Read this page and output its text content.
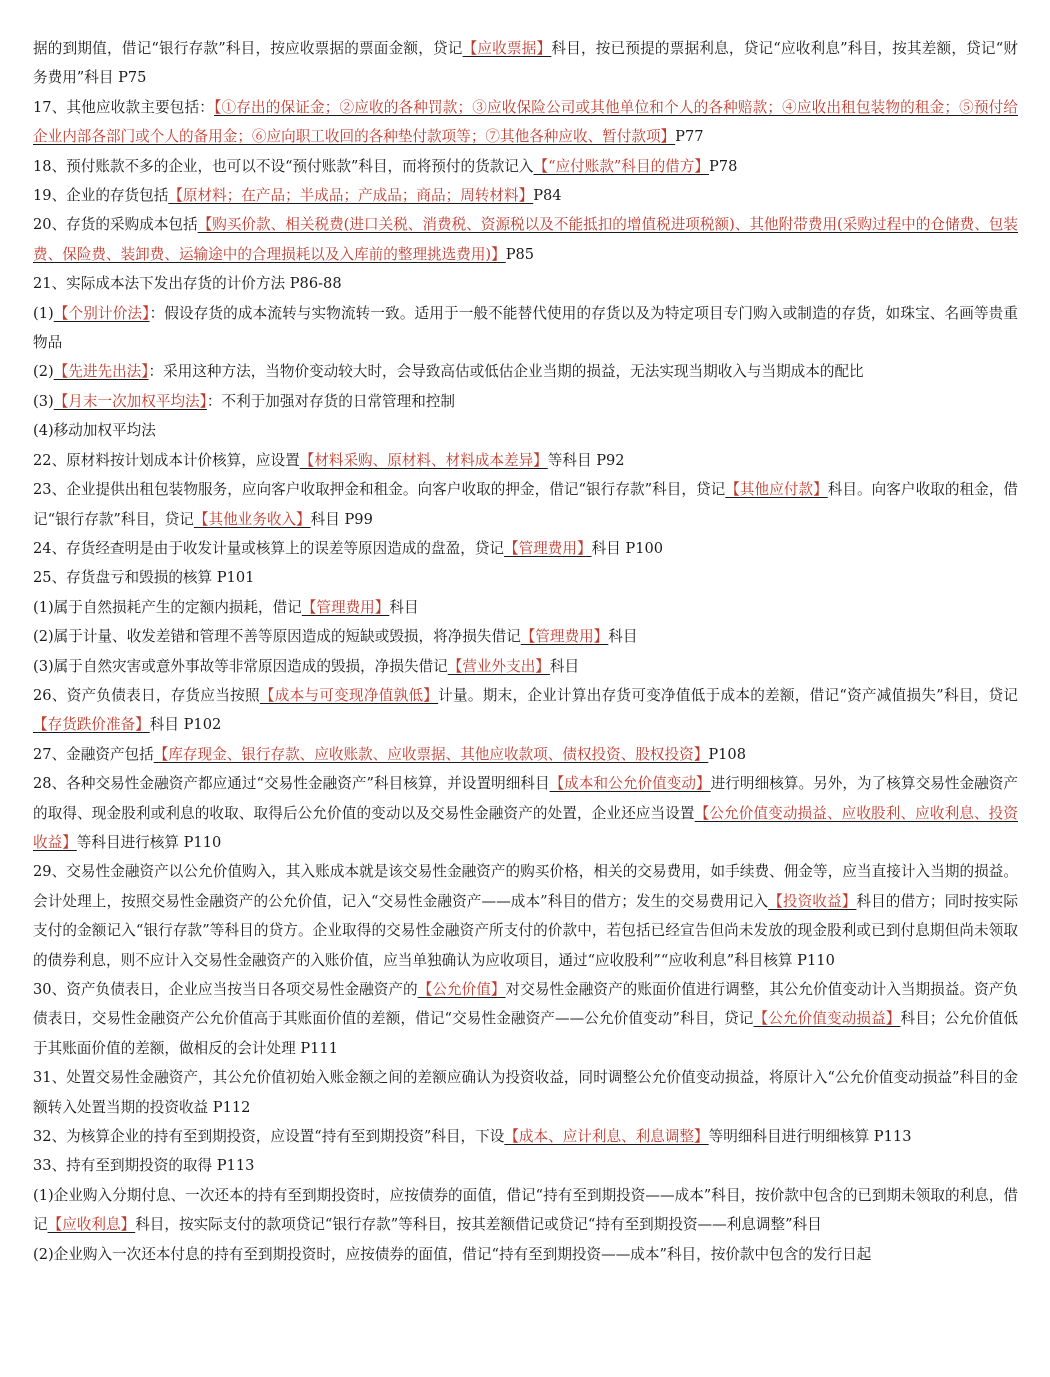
据的到期值，借记“银行存款”科目，按应收票据的票面金额，贷记【应收票据】科目，按已预提的票据利息，贷记“应收利息”科目，按其差额，贷记“财务费用”科目 P75

17、其他应收款主要包括：【①存出的保证金；②应收的各种罚款；③应收保险公司或其他单位和个人的各种赔款；④应收出租包装物的租金；⑤预付给企业内部各部门或个人的备用金；⑥应向职工收回的各种垫付款项等；⑦其他各种应收、暂付款项】P77

18、预付账款不多的企业，也可以不设“预付账款”科目，而将预付的货款记入【“应付账款”科目的借方】P78

19、企业的存货包括【原材料；在产品；半成品；产成品；商品；周转材料】P84

20、存货的采购成本包括【购买价款、相关税费(进口关税、消费税、资源税以及不能抵扣的增值税进项税额)、其他附带费用(采购过程中的仓储费、包装费、保险费、装卸费、运输途中的合理损耗以及入库前的整理挑选费用)】P85

21、实际成本法下发出存货的计价方法 P86-88

(1)【个别计价法】：假设存货的成本流转与实物流转一致。适用于一般不能替代使用的存货以及为特定项目专门购入或制造的存货，如珠宝、名画等贵重物品

(2)【先进先出法】：采用这种方法，当物价变动较大时，会导致高估或低估企业当期的损益，无法实现当期收入与当期成本的配比

(3)【月末一次加权平均法】：不利于加强对存货的日常管理和控制

(4)移动加权平均法

22、原材料按计划成本计价核算，应设置【材料采购、原材料、材料成本差异】等科目 P92

23、企业提供出租包装物服务，应向客户收取押金和租金。向客户收取的押金，借记“银行存款”科目，贷记【其他应付款】科目。向客户收取的租金，借记“银行存款”科目，贷记【其他业务收入】科目 P99

24、存货经查明是由于收发计量或核算上的误差等原因造成的盘盈，贷记【管理费用】科目 P100

25、存货盘亏和毁损的核算 P101

(1)属于自然损耗产生的定额内损耗，借记【管理费用】科目

(2)属于计量、收发差错和管理不善等原因造成的短缺或毁损，将净损失借记【管理费用】科目

(3)属于自然灾害或意外事故等非常原因造成的毁损，净损失借记【营业外支出】科目

26、资产负债表日，存货应当按照【成本与可变现净值孰低】计量。期末，企业计算出存货可变净值低于成本的差额，借记“资产减值损失”科目，贷记【存货跌价准备】科目 P102

27、金融资产包括【库存现金、银行存款、应收账款、应收票据、其他应收款项、债权投资、股权投资】P108

28、各种交易性金融资产都应通过“交易性金融资产”科目核算，并设置明细科目【成本和公允价值变动】进行明细核算。另外，为了核算交易性金融资产的取得、现金股利或利息的收取、取得后公允价值的变动以及交易性金融资产的处置，企业还应当设置【公允价值变动损益、应收股利、应收利息、投资收益】等科目进行核算 P110

29、交易性金融资产以公允价值购入，其入账成本就是该交易性金融资产的购买价格，相关的交易费用，如手续费、佣金等，应当直接计入当期的损益。会计处理上，按照交易性金融资产的公允价值，记入“交易性金融资产——成本”科目的借方；发生的交易费用记入【投资收益】科目的借方；同时按实际支付的金额记入“银行存款”等科目的贷方。企业取得的交易性金融资产所支付的价款中，若包括已经宣告但尚未发放的现金股利或已到付息期但尚未领取的债券利息，则不应计入交易性金融资产的入账价值，应当单独确认为应收项目，通过“应收股利”“应收利息”科目核算 P110

30、资产负债表日，企业应当按当日各项交易性金融资产的【公允价值】对交易性金融资产的账面价值进行调整，其公允价值变动计入当期损益。资产负债表日，交易性金融资产公允价值高于其账面价值的差额，借记“交易性金融资产——公允价值变动”科目，贷记【公允价值变动损益】科目；公允价值低于其账面价值的差额，做相反的会计处理 P111

31、处置交易性金融资产，其公允价值初始入账金额之间的差额应确认为投资收益，同时调整公允价值变动损益，将原计入“公允价值变动损益”科目的金额转入处置当期的投资收益 P112

32、为核算企业的持有至到期投资，应设置“持有至到期投资”科目，下设【成本、应计利息、利息调整】等明细科目进行明细核算 P113

33、持有至到期投资的取得 P113

(1)企业购入分期付息、一次还本的持有至到期投资时，应按债券的面值，借记“持有至到期投资——成本”科目，按价款中包含的已到期未领取的利息，借记【应收利息】科目，按实际支付的款项贷记“银行存款”等科目，按其差额借记或贷记“持有至到期投资——利息调整”科目

(2)企业购入一次还本付息的持有至到期投资时，应按债券的面值，借记“持有至到期投资——成本”科目，按价款中包含的发行日起
